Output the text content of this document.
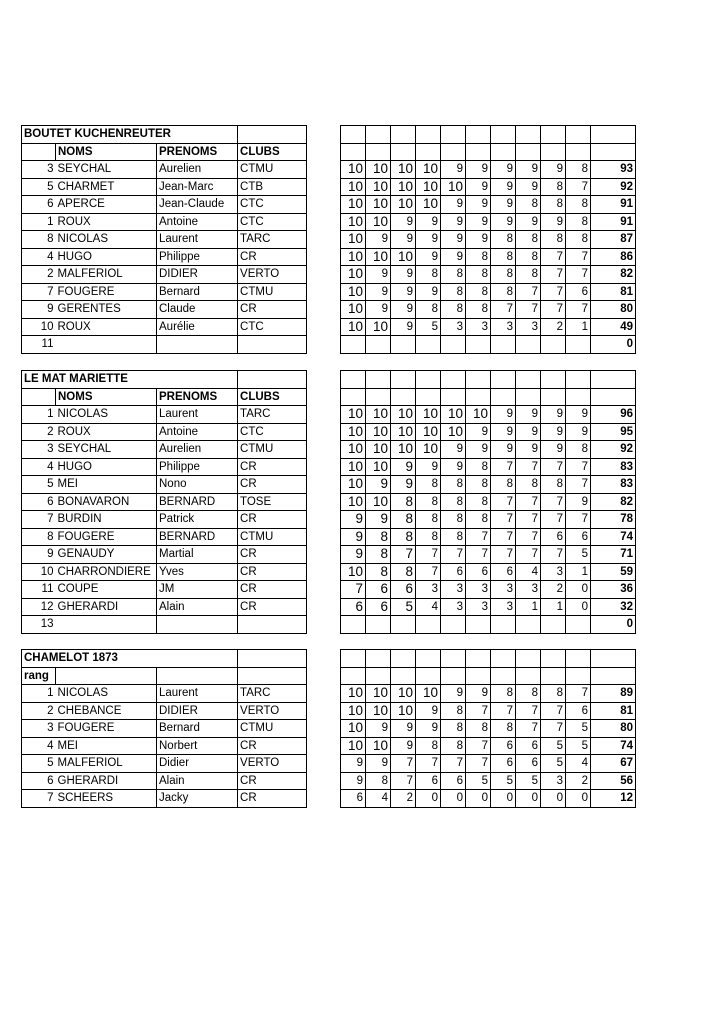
BOUTET KUCHENREUTER															
	NOMS	PRENOMS	CLUBS												
3	SEYCHAL	Aurelien	CTMU		10	10	10	10	9	9	9	9	9	8	93
5	CHARMET	Jean-Marc	CTB		10	10	10	10	10	9	9	9	8	7	92
6	APERCE	Jean-Claude	CTC		10	10	10	10	9	9	9	8	8	8	91
1	ROUX	Antoine	CTC		10	10	9	9	9	9	9	9	9	8	91
8	NICOLAS	Laurent	TARC		10	9	9	9	9	9	8	8	8	8	87
4	HUGO	Philippe	CR		10	10	10	9	9	8	8	8	7	7	86
2	MALFERIOL	DIDIER	VERTO		10	9	9	8	8	8	8	8	7	7	82
7	FOUGERE	Bernard	CTMU		10	9	9	9	8	8	8	7	7	6	81
9	GERENTES	Claude	CR		10	9	9	8	8	8	7	7	7	7	80
10	ROUX	Aurélie	CTC		10	10	9	5	3	3	3	3	2	1	49
11															0
LE MAT MARIETTE															
	NOMS	PRENOMS	CLUBS												
1	NICOLAS	Laurent	TARC		10	10	10	10	10	10	9	9	9	9	96
2	ROUX	Antoine	CTC		10	10	10	10	10	9	9	9	9	9	95
3	SEYCHAL	Aurelien	CTMU		10	10	10	10	9	9	9	9	9	8	92
4	HUGO	Philippe	CR		10	10	9	9	9	8	7	7	7	7	83
5	MEI	Nono	CR		10	9	9	8	8	8	8	8	8	7	83
6	BONAVARON	BERNARD	TOSE		10	10	8	8	8	8	7	7	7	9	82
7	BURDIN	Patrick	CR		9	9	8	8	8	8	7	7	7	7	78
8	FOUGERE	BERNARD	CTMU		9	8	8	8	8	7	7	7	6	6	74
9	GENAUDY	Martial	CR		9	8	7	7	7	7	7	7	7	5	71
10	CHARRONDIERE	Yves	CR		10	8	8	7	6	6	6	4	3	1	59
11	COUPE	JM	CR		7	6	6	3	3	3	3	3	2	0	36
12	GHERARDI	Alain	CR		6	6	5	4	3	3	3	1	1	0	32
13															0
CHAMELOT 1873															
rang															
1	NICOLAS	Laurent	TARC		10	10	10	10	9	9	8	8	8	7	89
2	CHEBANCE	DIDIER	VERTO		10	10	10	9	8	7	7	7	7	6	81
3	FOUGERE	Bernard	CTMU		10	9	9	9	8	8	8	7	7	5	80
4	MEI	Norbert	CR		10	10	9	8	8	7	6	6	5	5	74
5	MALFERIOL	Didier	VERTO		9	9	7	7	7	7	6	6	5	4	67
6	GHERARDI	Alain	CR		9	8	7	6	6	5	5	5	3	2	56
7	SCHEERS	Jacky	CR		6	4	2	0	0	0	0	0	0	0	12
